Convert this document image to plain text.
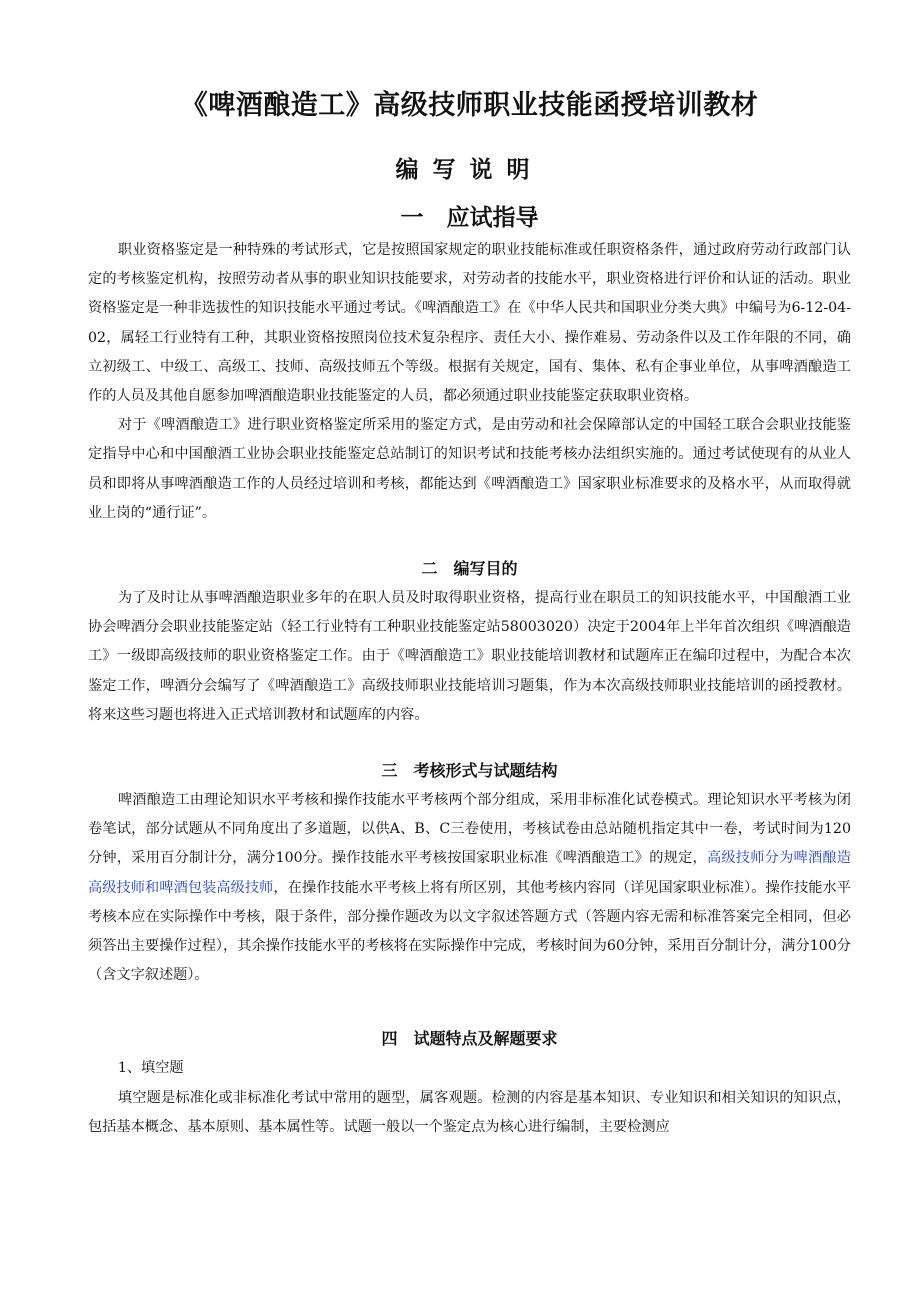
《啤酒酿造工》高级技师职业技能函授培训教材
编写说明
一　应试指导

职业资格鉴定是一种特殊的考试形式，它是按照国家规定的职业技能标准或任职资格条件，通过政府劳动行政部门认定的考核鉴定机构，按照劳动者从事的职业知识技能要求，对劳动者的技能水平，职业资格进行评价和认证的活动。职业资格鉴定是一种非选拔性的知识技能水平通过考试。《啤酒酿造工》在《中华人民共和国职业分类大典》中编号为6-12-04-02，属轻工行业特有工种，其职业资格按照岗位技术复杂程序、责任大小、操作难易、劳动条件以及工作年限的不同，确立初级工、中级工、高级工、技师、高级技师五个等级。根据有关规定，国有、集体、私有企事业单位，从事啤酒酿造工作的人员及其他自愿参加啤酒酿造职业技能鉴定的人员，都必须通过职业技能鉴定获取职业资格。

对于《啤酒酿造工》进行职业资格鉴定所采用的鉴定方式，是由劳动和社会保障部认定的中国轻工联合会职业技能鉴定指导中心和中国酿酒工业协会职业技能鉴定总站制订的知识考试和技能考核办法组织实施的。通过考试使现有的从业人员和即将从事啤酒酿造工作的人员经过培训和考核，都能达到《啤酒酿造工》国家职业标准要求的及格水平，从而取得就业上岗的“通行证”。

二　编写目的

为了及时让从事啤酒酿造职业多年的在职人员及时取得职业资格，提高行业在职员工的知识技能水平，中国酿酒工业协会啤酒分会职业技能鉴定站（轻工行业特有工种职业技能鉴定站58003020）决定于2004年上半年首次组织《啤酒酿造工》一级即高级技师的职业资格鉴定工作。由于《啤酒酿造工》职业技能培训教材和试题库正在编印过程中，为配合本次鉴定工作，啤酒分会编写了《啤酒酿造工》高级技师职业技能培训习题集，作为本次高级技师职业技能培训的函授教材。将来这些习题也将进入正式培训教材和试题库的内容。

三　考核形式与试题结构

啤酒酿造工由理论知识水平考核和操作技能水平考核两个部分组成，采用非标准化试卷模式。理论知识水平考核为闭卷笔试，部分试题从不同角度出了多道题，以供A、B、C三卷使用，考核试卷由总站随机指定其中一卷，考试时间为120分钟，采用百分制计分，满分100分。操作技能水平考核按国家职业标准《啤酒酿造工》的规定，高级技师分为啤酒酿造高级技师和啤酒包装高级技师，在操作技能水平考核上将有所区别，其他考核内容同（详见国家职业标准）。操作技能水平考核本应在实际操作中考核，限于条件，部分操作题改为以文字叙述答题方式（答题内容无需和标准答案完全相同，但必须答出主要操作过程），其余操作技能水平的考核将在实际操作中完成，考核时间为60分钟，采用百分制计分，满分100分（含文字叙述题）。

四　试题特点及解题要求

1、填空题

填空题是标准化或非标准化考试中常用的题型，属客观题。检测的内容是基本知识、专业知识和相关知识的知识点，包括基本概念、基本原则、基本属性等。试题一般以一个鉴定点为核心进行编制，主要检测应
